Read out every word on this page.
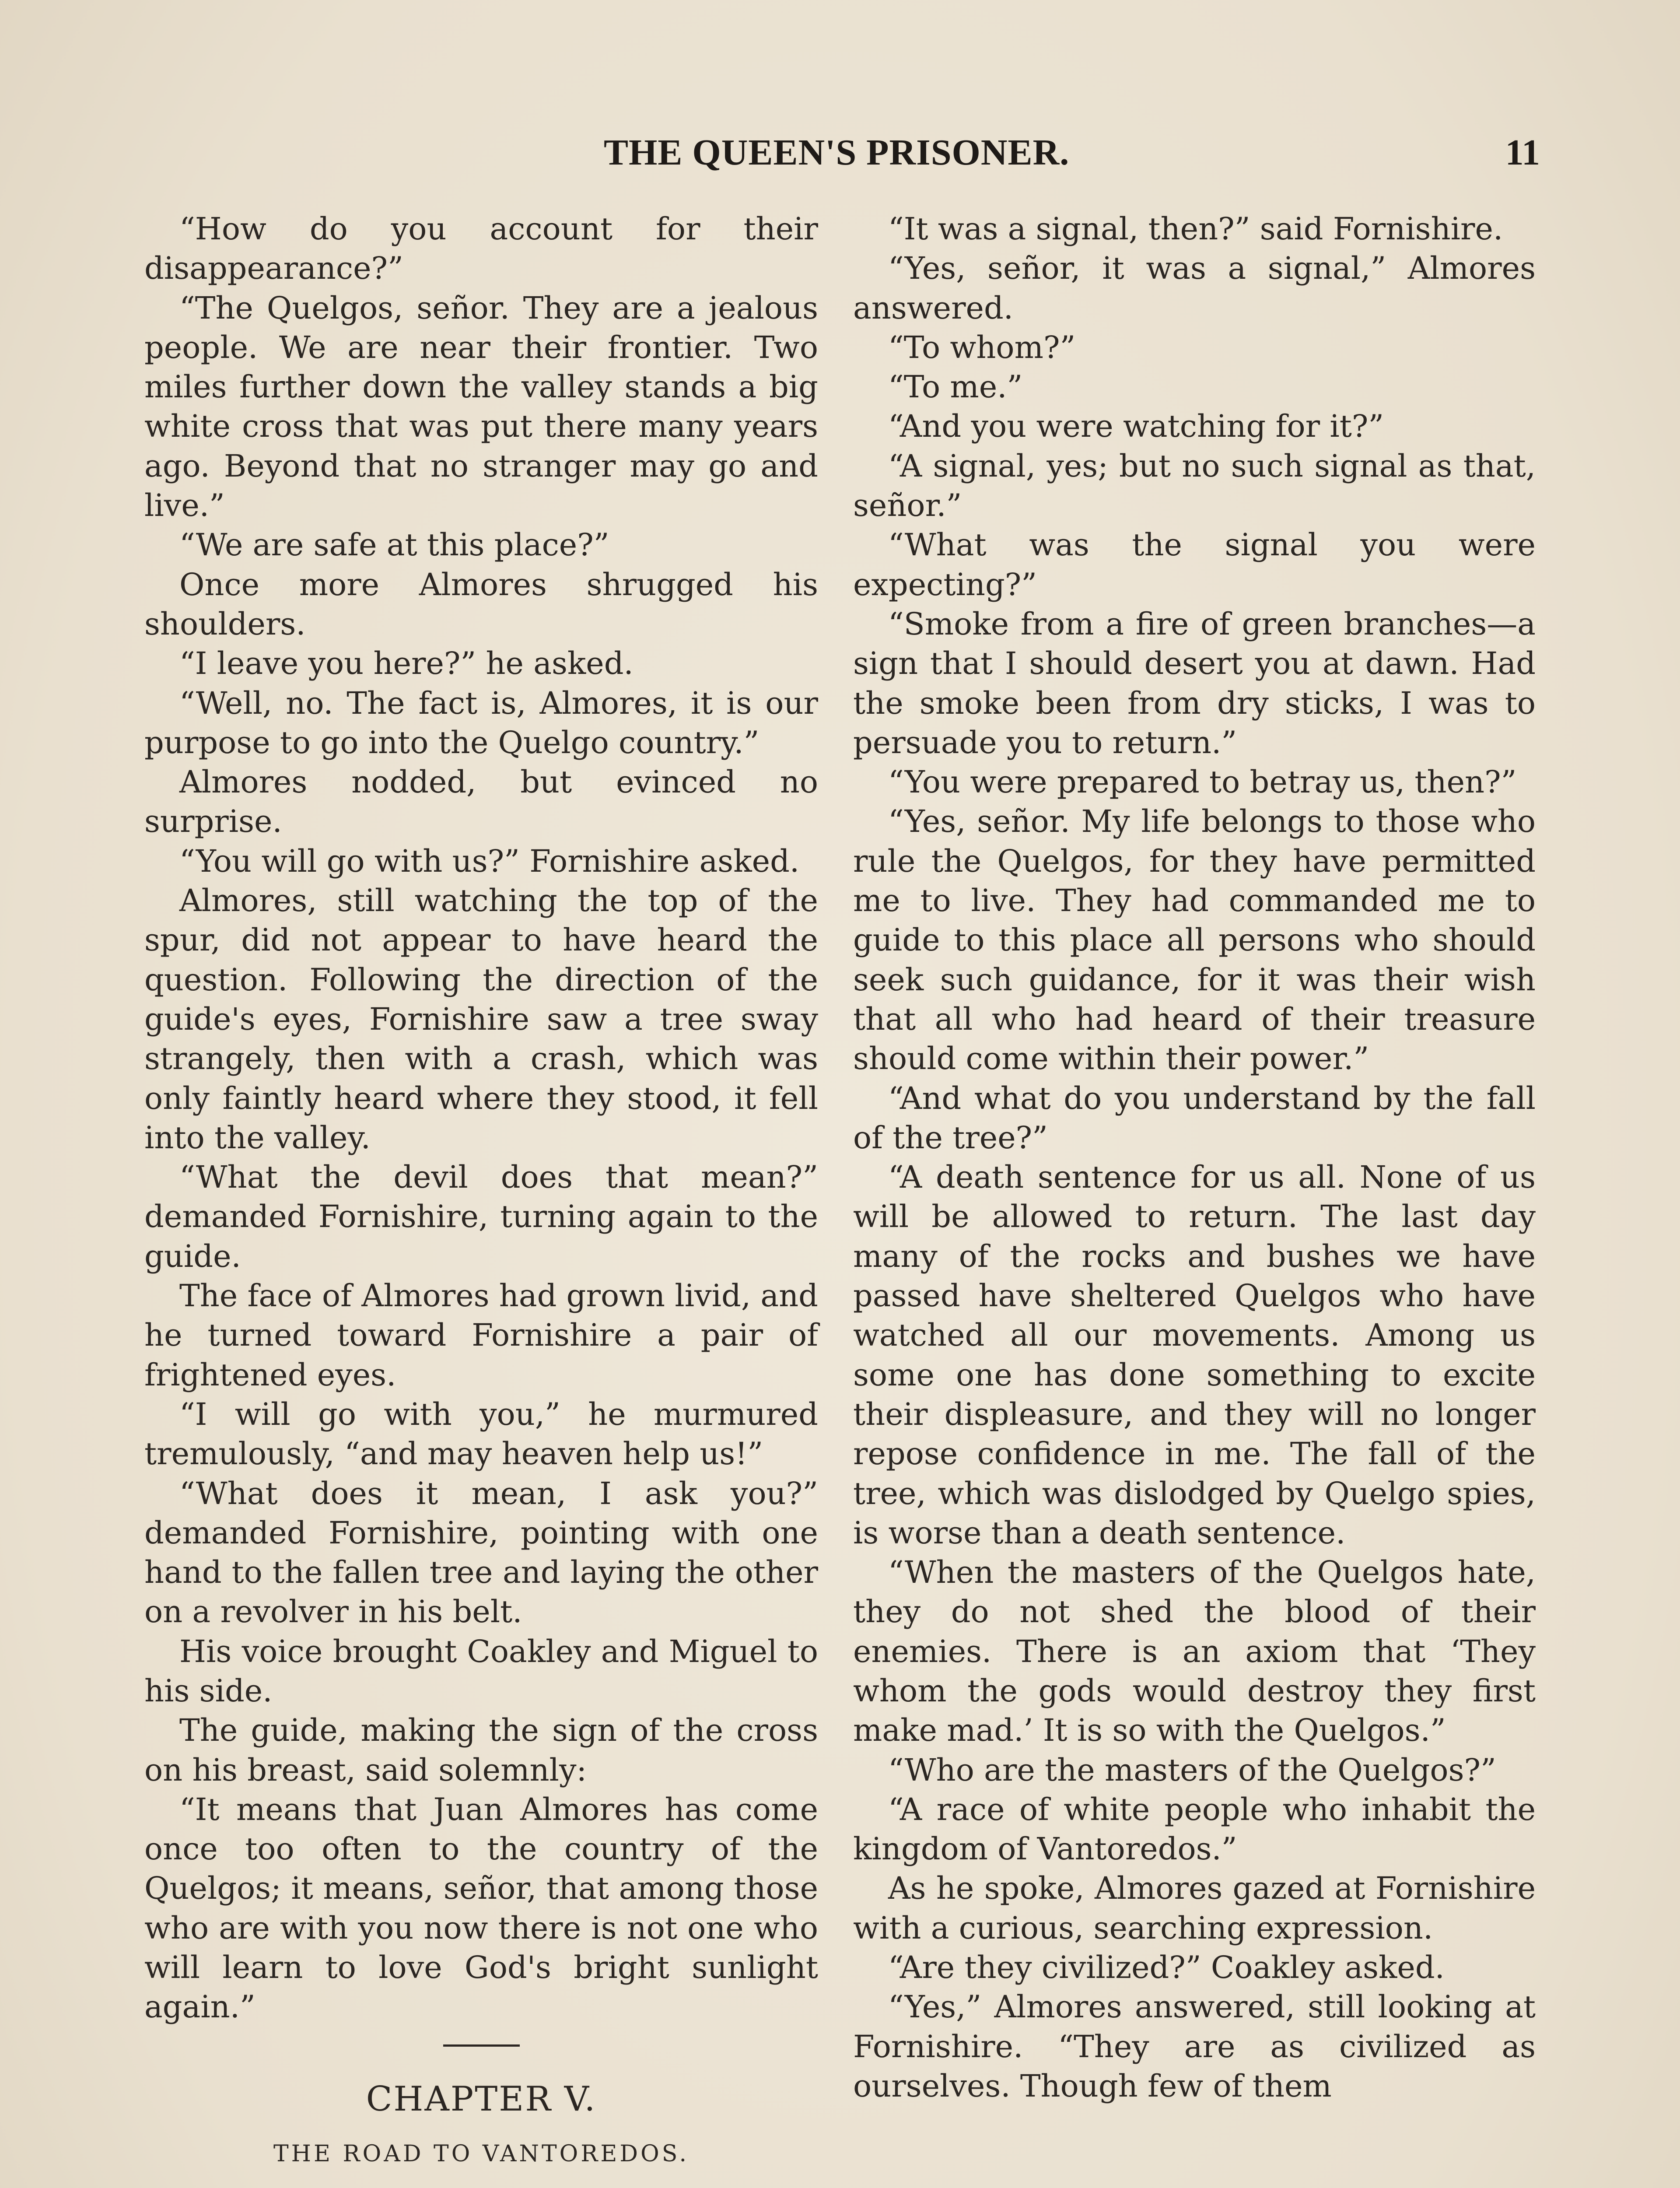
THE QUEEN'S PRISONER.	11

“How do you account for their disappearance?”

“The Quelgos, señor. They are a jealous people. We are near their frontier. Two miles further down the valley stands a big white cross that was put there many years ago. Beyond that no stranger may go and live.”

“We are safe at this place?”

Once more Almores shrugged his shoulders.

“I leave you here?” he asked.

“Well, no. The fact is, Almores, it is our purpose to go into the Quelgo country.”

Almores nodded, but evinced no surprise.

“You will go with us?” Fornishire asked.

Almores, still watching the top of the spur, did not appear to have heard the question. Following the direction of the guide's eyes, Fornishire saw a tree sway strangely, then with a crash, which was only faintly heard where they stood, it fell into the valley.

“What the devil does that mean?” demanded Fornishire, turning again to the guide.

The face of Almores had grown livid, and he turned toward Fornishire a pair of frightened eyes.

“I will go with you,” he murmured tremulously, “and may heaven help us!”

“What does it mean, I ask you?” demanded Fornishire, pointing with one hand to the fallen tree and laying the other on a revolver in his belt.

His voice brought Coakley and Miguel to his side.

The guide, making the sign of the cross on his breast, said solemnly:

“It means that Juan Almores has come once too often to the country of the Quelgos; it means, señor, that among those who are with you now there is not one who will learn to love God's bright sunlight again.”

CHAPTER V.
THE ROAD TO VANTOREDOS.

“It was a signal, then?” said Fornishire.

“Yes, señor, it was a signal,” Almores answered.

“To whom?”

“To me.”

“And you were watching for it?”

“A signal, yes; but no such signal as that, señor.”

“What was the signal you were expecting?”

“Smoke from a fire of green branches—a sign that I should desert you at dawn. Had the smoke been from dry sticks, I was to persuade you to return.”

“You were prepared to betray us, then?”

“Yes, señor. My life belongs to those who rule the Quelgos, for they have permitted me to live. They had commanded me to guide to this place all persons who should seek such guidance, for it was their wish that all who had heard of their treasure should come within their power.”

“And what do you understand by the fall of the tree?”

“A death sentence for us all. None of us will be allowed to return. The last day many of the rocks and bushes we have passed have sheltered Quelgos who have watched all our movements. Among us some one has done something to excite their displeasure, and they will no longer repose confidence in me. The fall of the tree, which was dislodged by Quelgo spies, is worse than a death sentence.

“When the masters of the Quelgos hate, they do not shed the blood of their enemies. There is an axiom that ‘They whom the gods would destroy they first make mad.’ It is so with the Quelgos.”

“Who are the masters of the Quelgos?”

“A race of white people who inhabit the kingdom of Vantoredos.”

As he spoke, Almores gazed at Fornishire with a curious, searching expression.

“Are they civilized?” Coakley asked.

“Yes,” Almores answered, still looking at Fornishire. “They are as civilized as ourselves. Though few of them
